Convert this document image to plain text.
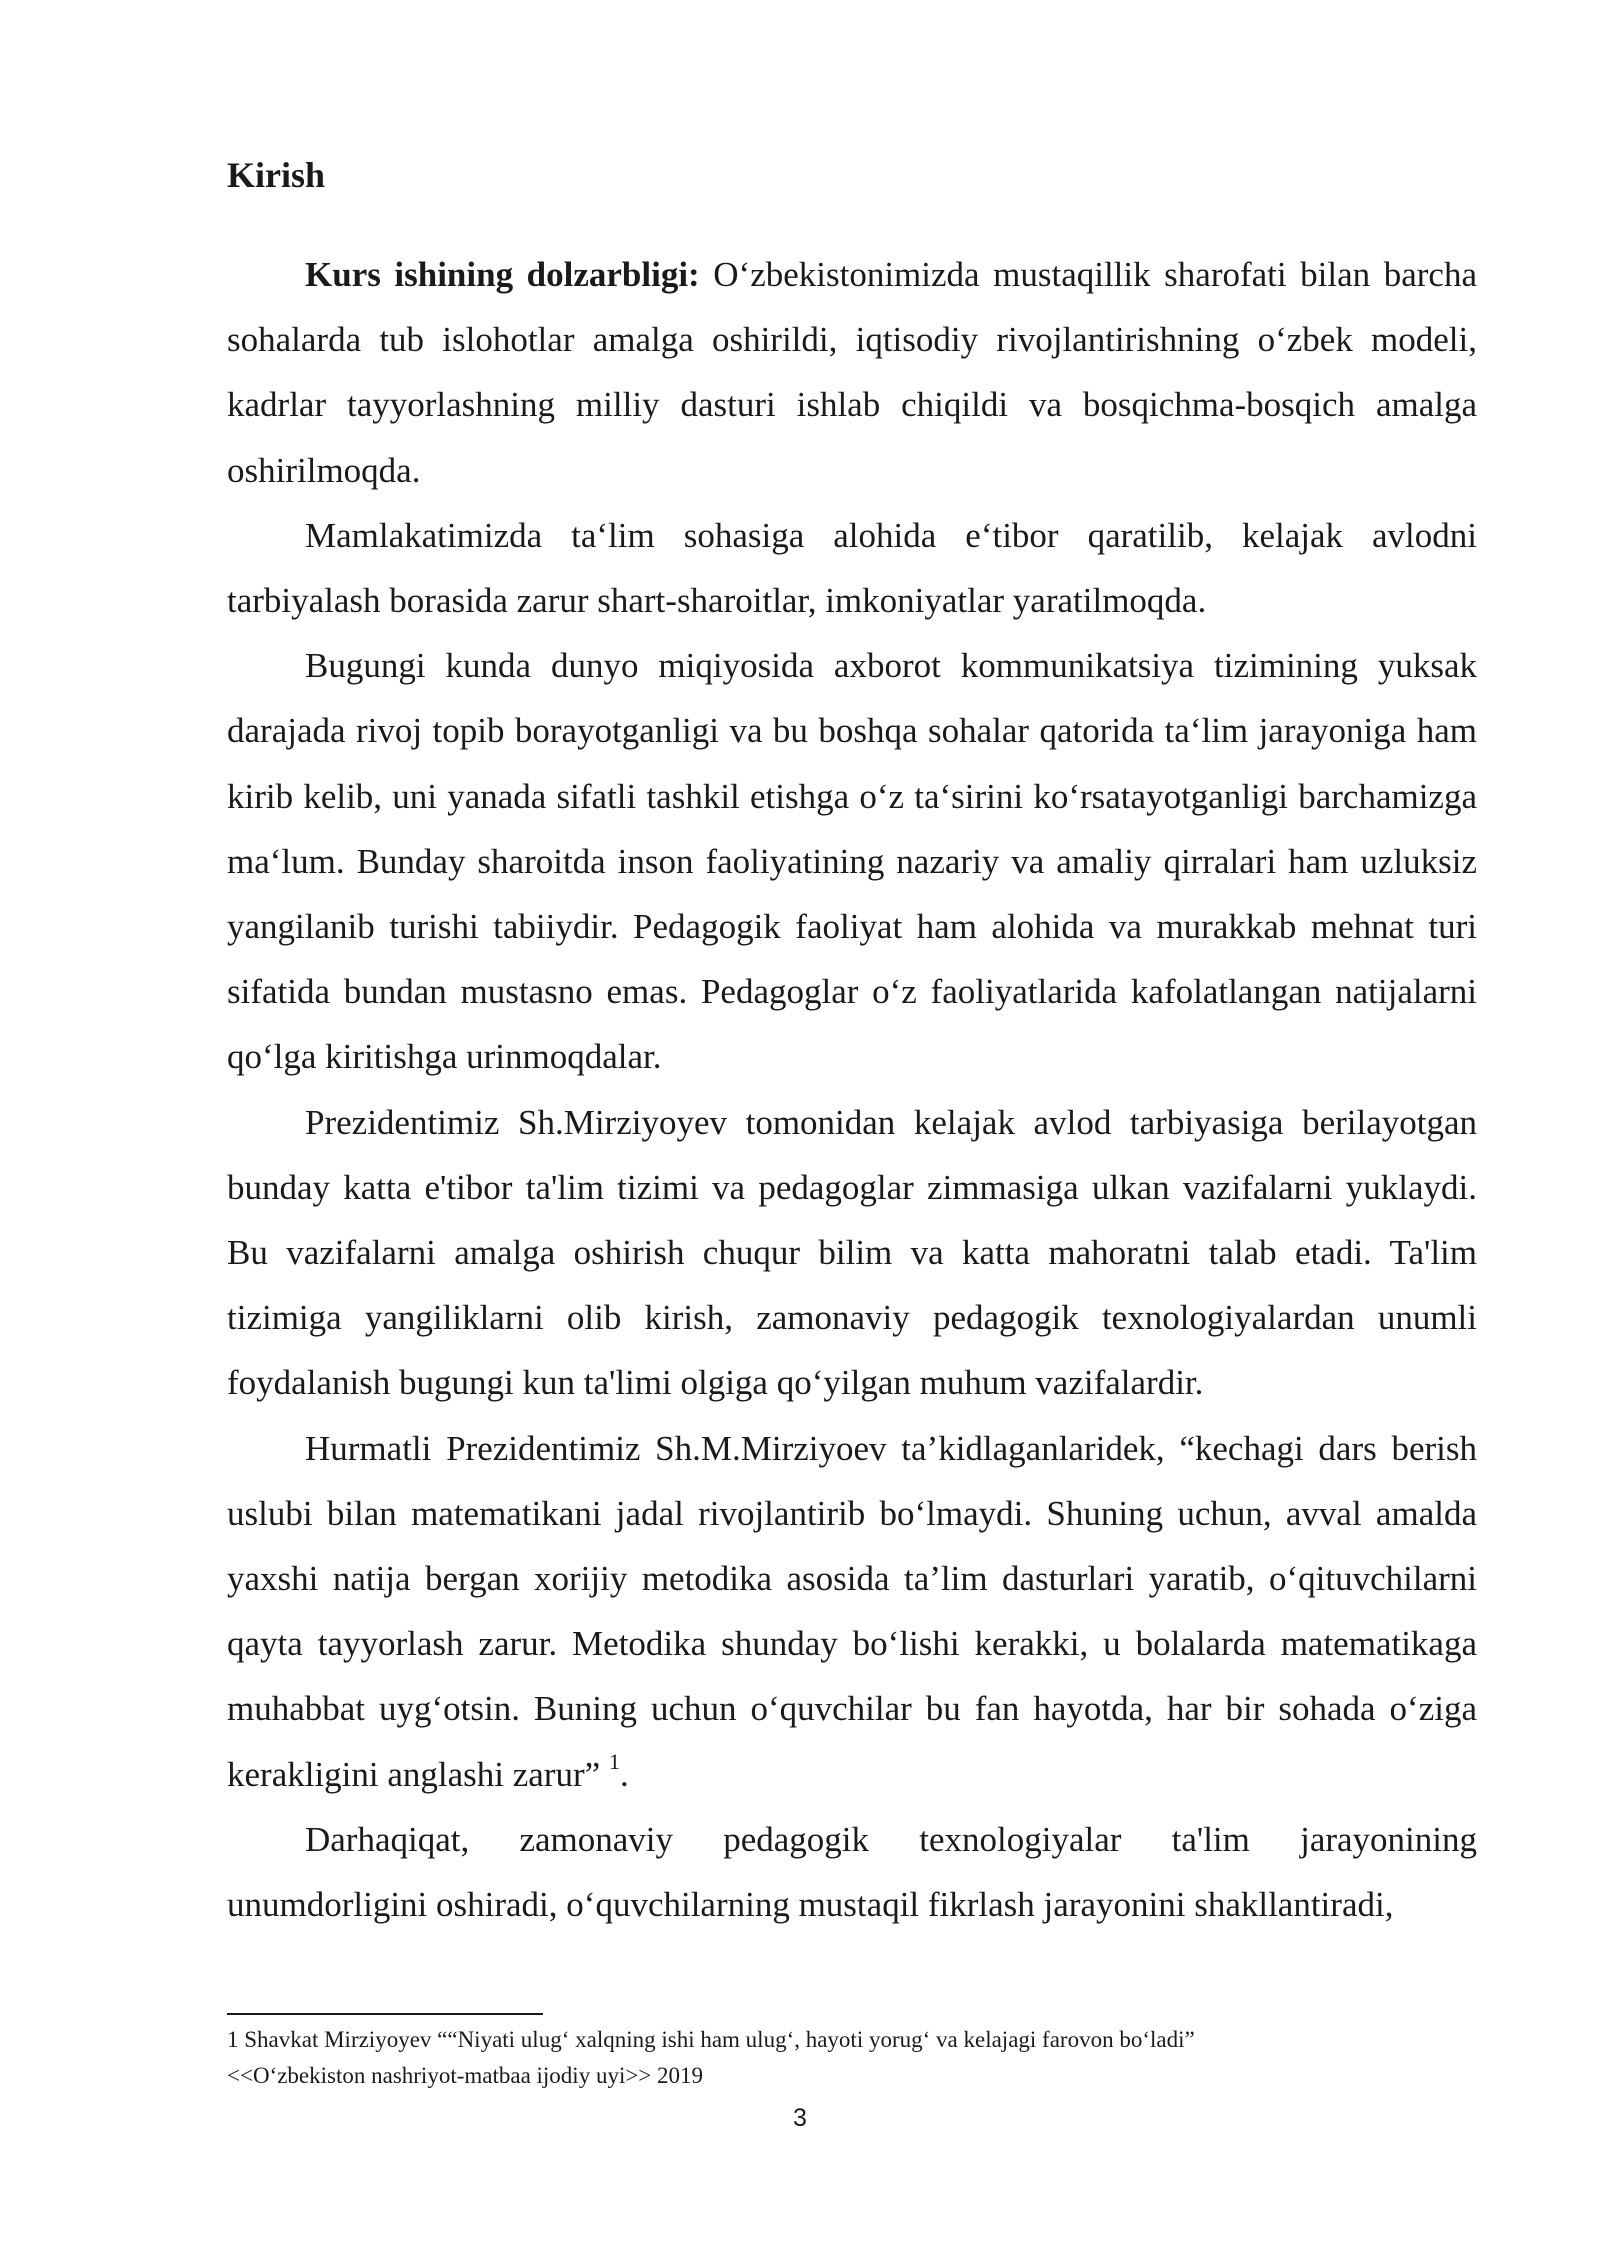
Kirish

Kurs ishining dolzarbligi: O‘zbekistonimizda mustaqillik sharofati bilan barcha sohalarda tub islohotlar amalga oshirildi, iqtisodiy rivojlantirishning o‘zbek modeli, kadrlar tayyorlashning milliy dasturi ishlab chiqildi va bosqichma-bosqich amalga oshirilmoqda.

Mamlakatimizda ta‘lim sohasiga alohida e‘tibor qaratilib, kelajak avlodni tarbiyalash borasida zarur shart-sharoitlar, imkoniyatlar yaratilmoqda.

Bugungi kunda dunyo miqiyosida axborot kommunikatsiya tizimining yuksak darajada rivoj topib borayotganligi va bu boshqa sohalar qatorida ta‘lim jarayoniga ham kirib kelib, uni yanada sifatli tashkil etishga o‘z ta‘sirini ko‘rsatayotganligi barchamizga ma‘lum. Bunday sharoitda inson faoliyatining nazariy va amaliy qirralari ham uzluksiz yangilanib turishi tabiiydir. Pedagogik faoliyat ham alohida va murakkab mehnat turi sifatida bundan mustasno emas. Pedagoglar o‘z faoliyatlarida kafolatlangan natijalarni qo‘lga kiritishga urinmoqdalar.

Prezidentimiz Sh.Mirziyoyev tomonidan kelajak avlod tarbiyasiga berilayotgan bunday katta e'tibor ta'lim tizimi va pedagoglar zimmasiga ulkan vazifalarni yuklaydi. Bu vazifalarni amalga oshirish chuqur bilim va katta mahoratni talab etadi. Ta'lim tizimiga yangiliklarni olib kirish, zamonaviy pedagogik texnologiyalardan unumli foydalanish bugungi kun ta'limi olgiga qo‘yilgan muhum vazifalardir.

Hurmatli Prezidentimiz Sh.M.Mirziyoev ta’kidlaganlaridek, “kechagi dars berish uslubi bilan matematikani jadal rivojlantirib bo‘lmaydi. Shuning uchun, avval amalda yaxshi natija bergan xorijiy metodika asosida ta’lim dasturlari yaratib, o‘qituvchilarni qayta tayyorlash zarur. Metodika shunday bo‘lishi kerakki, u bolalarda matematikaga muhabbat uyg‘otsin. Buning uchun o‘quvchilar bu fan hayotda, har bir sohada o‘ziga kerakligini anglashi zarur” $^1$.

Darhaqiqat, zamonaviy pedagogik texnologiyalar ta'lim jarayonining unumdorligini oshiradi, o‘quvchilarning mustaqil fikrlash jarayonini shakllantiradi,

1 Shavkat Mirziyoyev ““Niyati ulug‘ xalqning ishi ham ulug‘, hayoti yorug‘ va kelajagi farovon bo‘ladi”

<<O‘zbekiston nashriyot-matbaa ijodiy uyi>> 2019

3
